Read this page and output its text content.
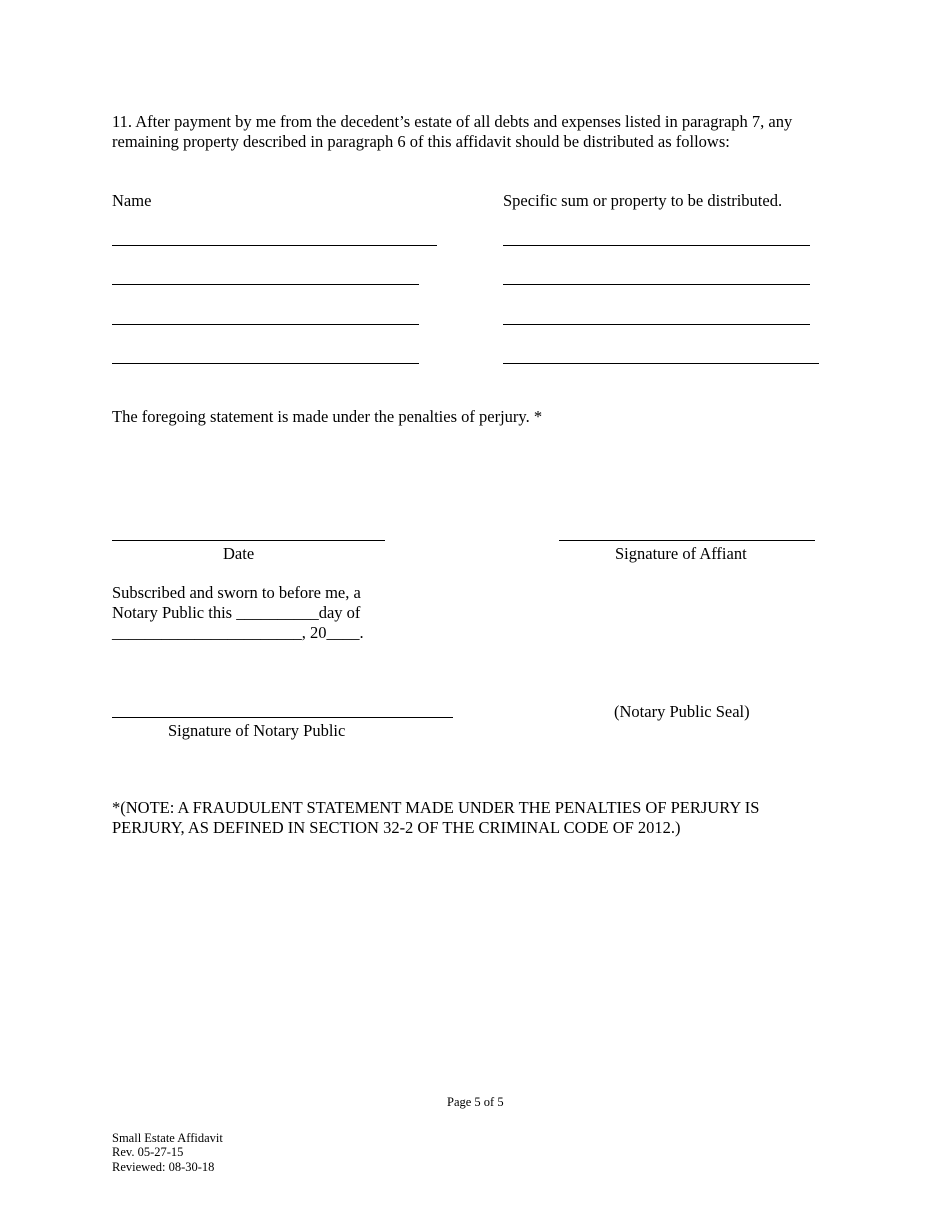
11. After payment by me from the decedent’s estate of all debts and expenses listed in paragraph 7, any

remaining property described in paragraph 6 of this affidavit should be distributed as follows:

Name	Specific sum or property to be distributed.
The foregoing statement is made under the penalties of perjury. *
Date	Signature of Affiant
Subscribed and sworn to before me, a
Notary Public this __________day of
_______________________, 20____.
Signature of Notary Public
(Notary Public Seal)
*(NOTE: A FRAUDULENT STATEMENT MADE UNDER THE PENALTIES OF PERJURY IS
PERJURY, AS DEFINED IN SECTION 32-2 OF THE CRIMINAL CODE OF 2012.)
Page 5 of 5
Small Estate Affidavit
Rev. 05-27-15
Reviewed: 08-30-18
